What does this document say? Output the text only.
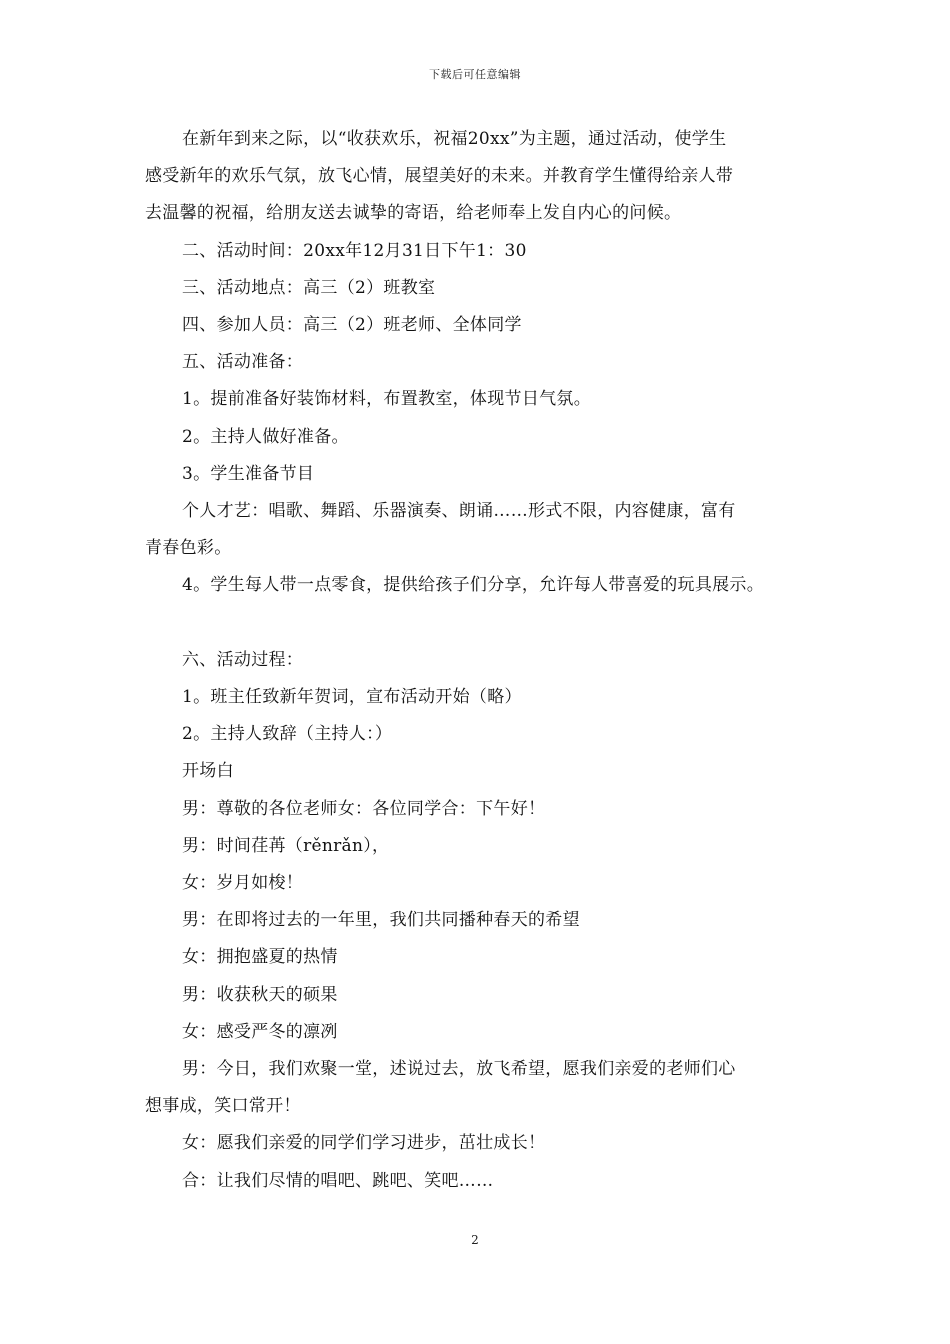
下载后可任意编辑

在新年到来之际，以“收获欢乐，祝福20xx”为主题，通过活动，使学生

感受新年的欢乐气氛，放飞心情，展望美好的未来。并教育学生懂得给亲人带

去温馨的祝福，给朋友送去诚挚的寄语，给老师奉上发自内心的问候。

二、活动时间：20xx年12月31日下午1：30

三、活动地点：高三（2）班教室

四、参加人员：高三（2）班老师、全体同学

五、活动准备：

1。提前准备好装饰材料，布置教室，体现节日气氛。

2。主持人做好准备。

3。学生准备节目

个人才艺：唱歌、舞蹈、乐器演奏、朗诵……形式不限，内容健康，富有

青春色彩。

4。学生每人带一点零食，提供给孩子们分享，允许每人带喜爱的玩具展示。

六、活动过程：

1。班主任致新年贺词，宣布活动开始（略）

2。主持人致辞（主持人：）

开场白

男：尊敬的各位老师女：各位同学合：下午好！

男：时间荏苒（rěnrǎn），

女：岁月如梭！

男：在即将过去的一年里，我们共同播种春天的希望

女：拥抱盛夏的热情

男：收获秋天的硕果

女：感受严冬的凛冽

男：今日，我们欢聚一堂，述说过去，放飞希望，愿我们亲爱的老师们心

想事成，笑口常开！

女：愿我们亲爱的同学们学习进步，茁壮成长！

合：让我们尽情的唱吧、跳吧、笑吧……

2
